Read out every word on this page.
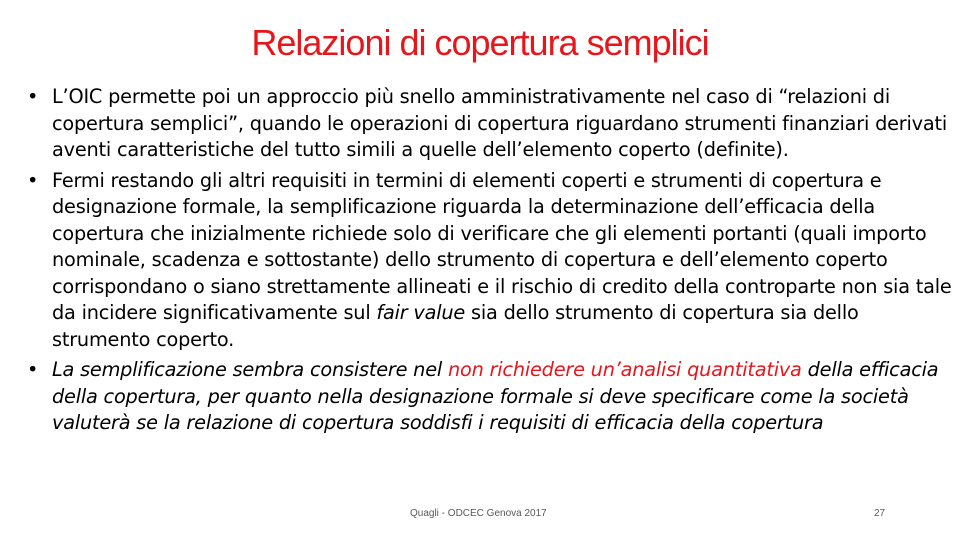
Relazioni di copertura semplici
• L’OIC permette poi un approccio più snello amministrativamente nel caso di “relazioni di copertura semplici”, quando le operazioni di copertura riguardano strumenti finanziari derivati aventi caratteristiche del tutto simili a quelle dell’elemento coperto (definite).
• Fermi restando gli altri requisiti in termini di elementi coperti e strumenti di copertura e designazione formale, la semplificazione riguarda la determinazione dell’efficacia della copertura che inizialmente richiede solo di verificare che gli elementi portanti (quali importo nominale, scadenza e sottostante) dello strumento di copertura e dell’elemento coperto corrispondano o siano strettamente allineati e il rischio di credito della controparte non sia tale da incidere significativamente sul fair value sia dello strumento di copertura sia dello strumento coperto.
• La semplificazione sembra consistere nel non richiedere un’analisi quantitativa della efficacia della copertura, per quanto nella designazione formale si deve specificare come la società valuterà se la relazione di copertura soddisfi i requisiti di efficacia della copertura
Quagli - ODCEC Genova 2017	27
